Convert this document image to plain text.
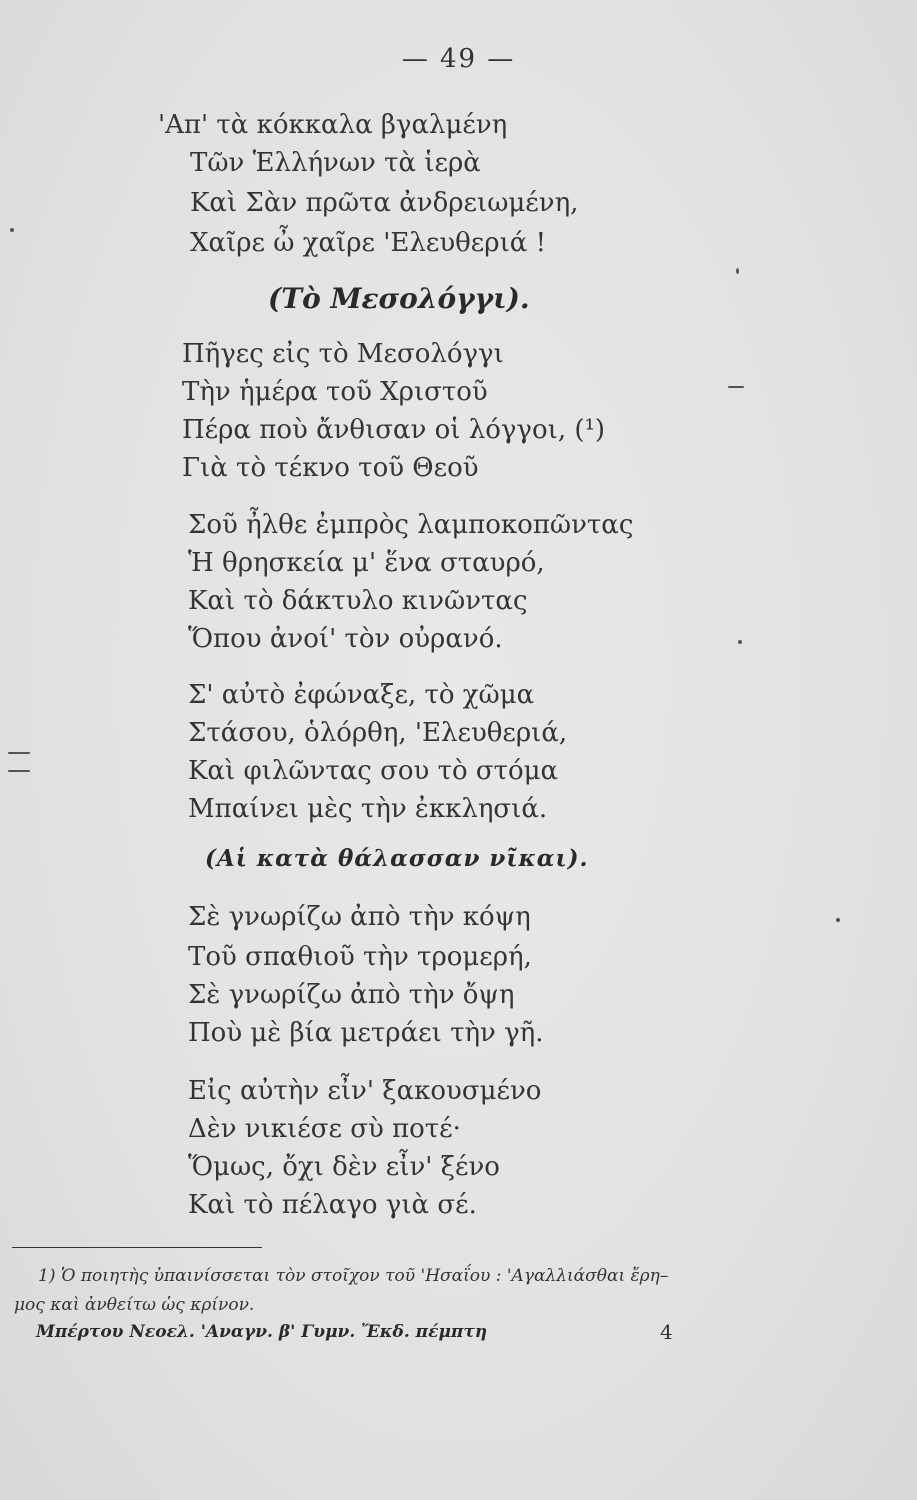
— 49 —
'Απ' τὰ κόκκαλα βγαλμένη
Τῶν Ἑλλήνων τὰ ἱερὰ
Καὶ Σὰν πρῶτα ἀνδρειωμένη,
Χαῖρε ὦ χαῖρε 'Ελευθεριά !
(Τὸ Μεσολόγγι).
Πῆγες εἰς τὸ Μεσολόγγι
Τὴν ἡμέρα τοῦ Χριστοῦ
Πέρα ποὺ ἄνθισαν οἱ λόγγοι, (¹)
Γιὰ τὸ τέκνο τοῦ Θεοῦ
Σοῦ ἦλθε ἐμπρὸς λαμποκοπῶντας
Ἡ θρησκεία μ' ἕνα σταυρό,
Καὶ τὸ δάκτυλο κινῶντας
Ὅπου ἀνοί' τὸν οὐρανό.
Σ' αὐτὸ ἐφώναξε, τὸ χῶμα
Στάσου, ὁλόρθη, 'Ελευθεριά,
Καὶ φιλῶντας σου τὸ στόμα
Μπαίνει μὲς τὴν ἐκκλησιά.
(Αἱ κατὰ θάλασσαν νῖκαι).
Σὲ γνωρίζω ἀπὸ τὴν κόψη
Τοῦ σπαθιοῦ τὴν τρομερή,
Σὲ γνωρίζω ἀπὸ τὴν ὄψη
Ποὺ μὲ βία μετράει τὴν γῆ.
Εἰς αὐτὴν εἶν' ξακουσμένο
Δὲν νικιέσε σὺ ποτέ·
Ὅμως, ὄχι δὲν εἶν' ξένο
Καὶ τὸ πέλαγο γιὰ σέ.
1) Ὁ ποιητὴς ὑπαινίσσεται τὸν στοῖχον τοῦ 'Ησαΐου : 'Αγαλλιάσθαι ἔρη–
μος καὶ ἀνθείτω ὡς κρίνον.
Μπέρτου Νεοελ. 'Αναγν. β' Γυμν. Ἔκδ. πέμπτη	4
